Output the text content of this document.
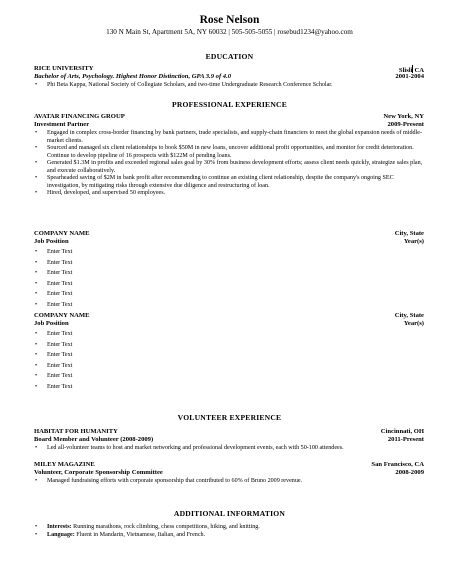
Rose Nelson
130 N Main St, Apartment 5A, NY 60032 | 505-505-5055 | rosebud1234@yahoo.com
EDUCATION
RICE UNIVERSITY	Slisli CA
Bachelor of Arts, Psychology. Highest Honor Distinction, GPA 3.9 of 4.0	2001-2004
• Phi Beta Kappa, National Society of Collegiate Scholars, and two-time Undergraduate Research Conference Scholar.
PROFESSIONAL EXPERIENCE
AVATAR FINANCING GROUP	New York, NY
Investment Partner	2009-Present
• Engaged in complex cross-border financing by bank partners, trade specialists, and supply-chain financiers to meet the global expansion needs of middle-market clients.
• Sourced and managed six client relationships to book $50M in new loans, uncover additional profit opportunities, and monitor for credit deterioration. Continue to develop pipeline of 16 prospects with $122M of pending loans.
• Generated $1.3M in profits and exceeded regional sales goal by 30% from business development efforts; assess client needs quickly, strategize sales plan, and execute collaboratively.
• Spearheaded saving of $2M in bank profit after recommending to continue an existing client relationship, despite the company's ongoing SEC investigation, by mitigating risks through extensive due diligence and restructuring of loan.
• Hired, developed, and supervised 50 employees.
COMPANY NAME	City, State
Job Position	Year(s)
• Enter Text
• Enter Text
• Enter Text
• Enter Text
• Enter Text
• Enter Text
COMPANY NAME	City, State
Job Position	Year(s)
• Enter Text
• Enter Text
• Enter Text
• Enter Text
• Enter Text
• Enter Text
VOLUNTEER EXPERIENCE
HABITAT FOR HUMANITY	Cincinnati, OH
Board Member and Volunteer (2008-2009)	2011-Present
• Led all-volunteer teams to host and market networking and professional development events, each with 50-100 attendees.
MILEY MAGAZINE	San Francisco, CA
Volunteer, Corporate Sponsorship Committee	2008-2009
• Managed fundraising efforts with corporate sponsorship that contributed to 60% of Bruno 2009 revenue.
ADDITIONAL INFORMATION
• Interests: Running marathons, rock climbing, chess competitions, hiking, and knitting.
• Language: Fluent in Mandarin, Vietnamese, Italian, and French.
